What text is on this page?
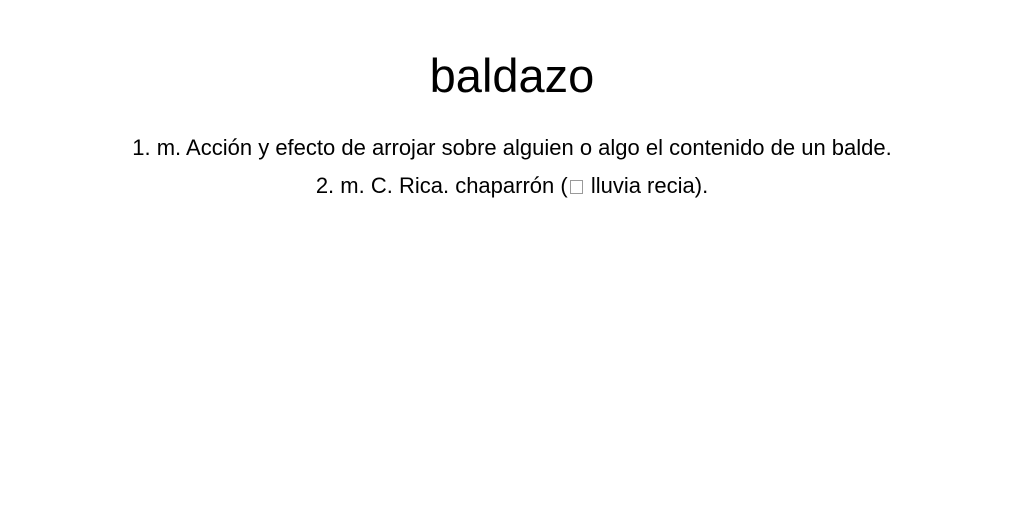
baldazo
1. m. Acción y efecto de arrojar sobre alguien o algo el contenido de un balde.
2. m. C. Rica. chaparrón ( lluvia recia).
